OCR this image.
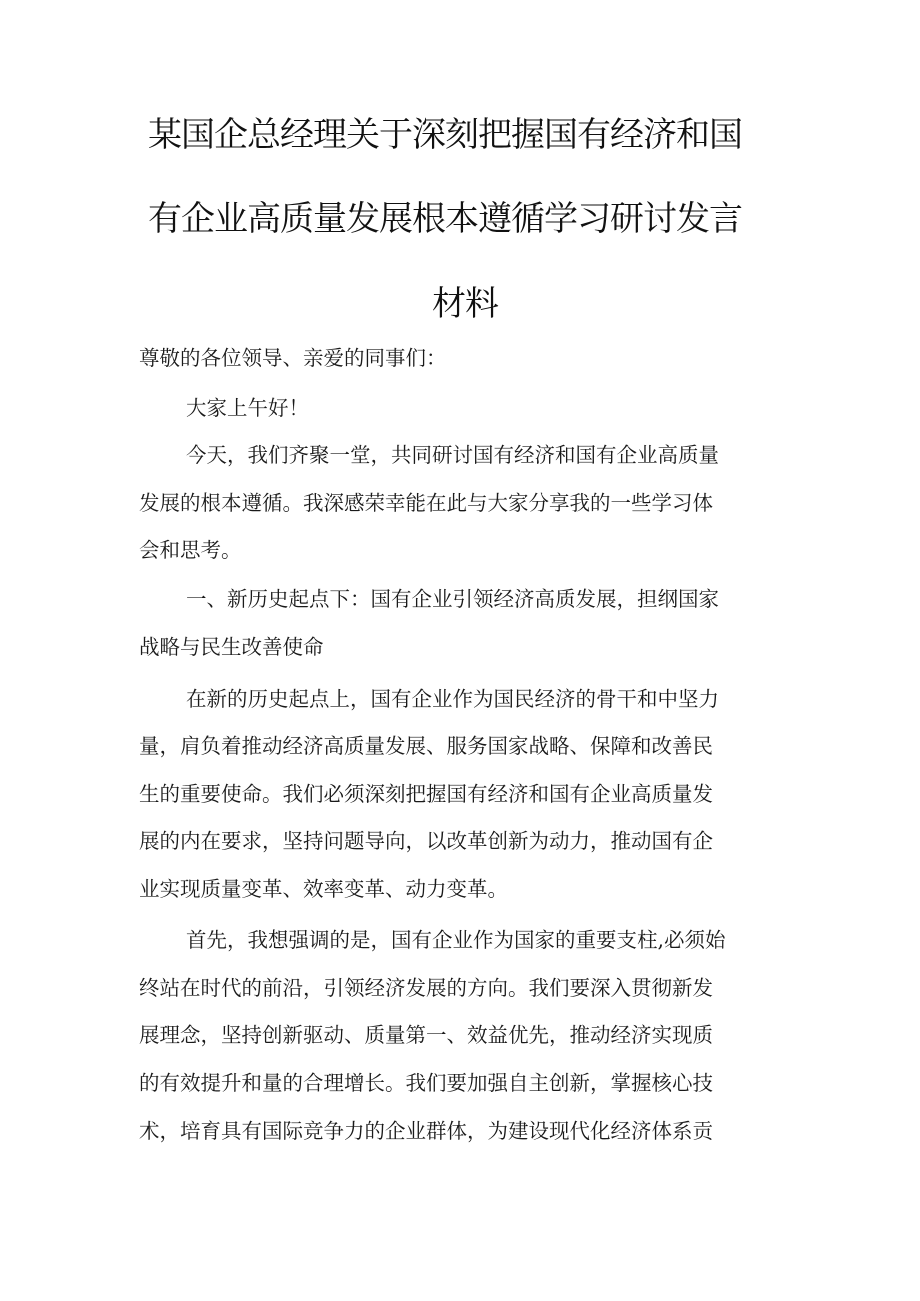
某国企总经理关于深刻把握国有经济和国
有企业高质量发展根本遵循学习研讨发言
材料
尊敬的各位领导、亲爱的同事们：
大家上午好！
今天，我们齐聚一堂，共同研讨国有经济和国有企业高质量
发展的根本遵循。我深感荣幸能在此与大家分享我的一些学习体
会和思考。
一、新历史起点下：国有企业引领经济高质发展，担纲国家
战略与民生改善使命
在新的历史起点上，国有企业作为国民经济的骨干和中坚力
量，肩负着推动经济高质量发展、服务国家战略、保障和改善民
生的重要使命。我们必须深刻把握国有经济和国有企业高质量发
展的内在要求，坚持问题导向，以改革创新为动力，推动国有企
业实现质量变革、效率变革、动力变革。
首先，我想强调的是，国有企业作为国家的重要支柱,必须始
终站在时代的前沿，引领经济发展的方向。我们要深入贯彻新发
展理念，坚持创新驱动、质量第一、效益优先，推动经济实现质
的有效提升和量的合理增长。我们要加强自主创新，掌握核心技
术，培育具有国际竞争力的企业群体，为建设现代化经济体系贡
